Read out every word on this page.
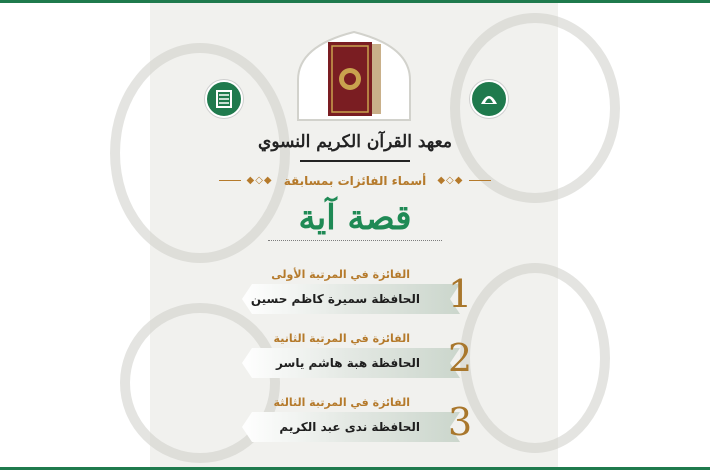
معهد القرآن الكريم النسوي
◆◇◆ أسماء الفائزات بمسابقة ◆◇◆
قصة آية
الفائزة في المرتبة الأولى
الحافظة سميرة كاظم حسين 1
الفائزة في المرتبة الثانية
الحافظة هبة هاشم ياسر 2
الفائزة في المرتبة الثالثة
الحافظة ندى عبد الكريم 3
